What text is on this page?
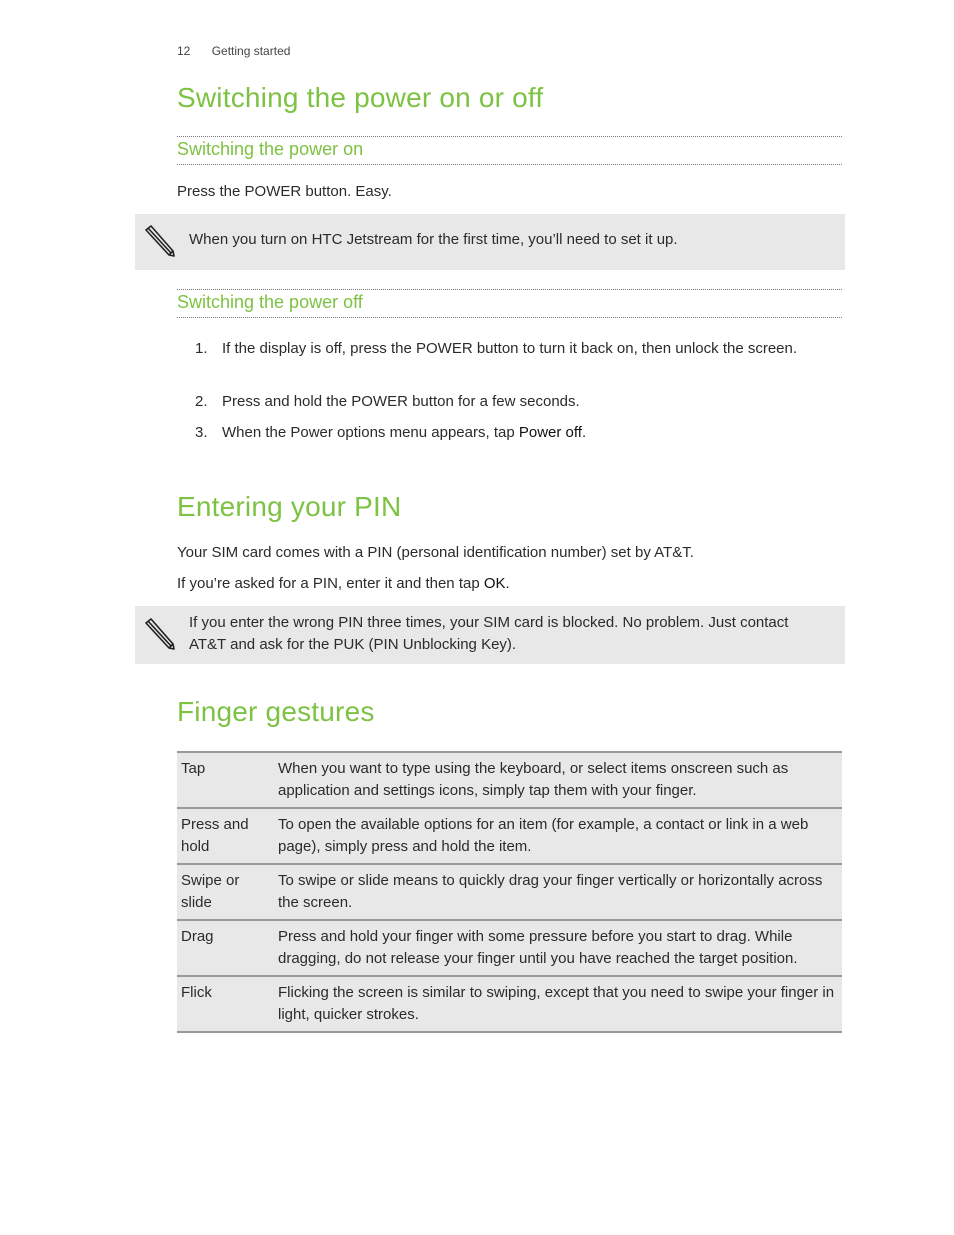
12 Getting started
Switching the power on or off
Switching the power on
Press the POWER button. Easy.
When you turn on HTC Jetstream for the first time, you’ll need to set it up.
Switching the power off
1. If the display is off, press the POWER button to turn it back on, then unlock the screen.
2. Press and hold the POWER button for a few seconds.
3. When the Power options menu appears, tap Power off.
Entering your PIN
Your SIM card comes with a PIN (personal identification number) set by AT&T.
If you’re asked for a PIN, enter it and then tap OK.
If you enter the wrong PIN three times, your SIM card is blocked. No problem. Just contact AT&T and ask for the PUK (PIN Unblocking Key).
Finger gestures
Tap	When you want to type using the keyboard, or select items onscreen such as application and settings icons, simply tap them with your finger.
Press and hold	To open the available options for an item (for example, a contact or link in a web page), simply press and hold the item.
Swipe or slide	To swipe or slide means to quickly drag your finger vertically or horizontally across the screen.
Drag	Press and hold your finger with some pressure before you start to drag. While dragging, do not release your finger until you have reached the target position.
Flick	Flicking the screen is similar to swiping, except that you need to swipe your finger in light, quicker strokes.
